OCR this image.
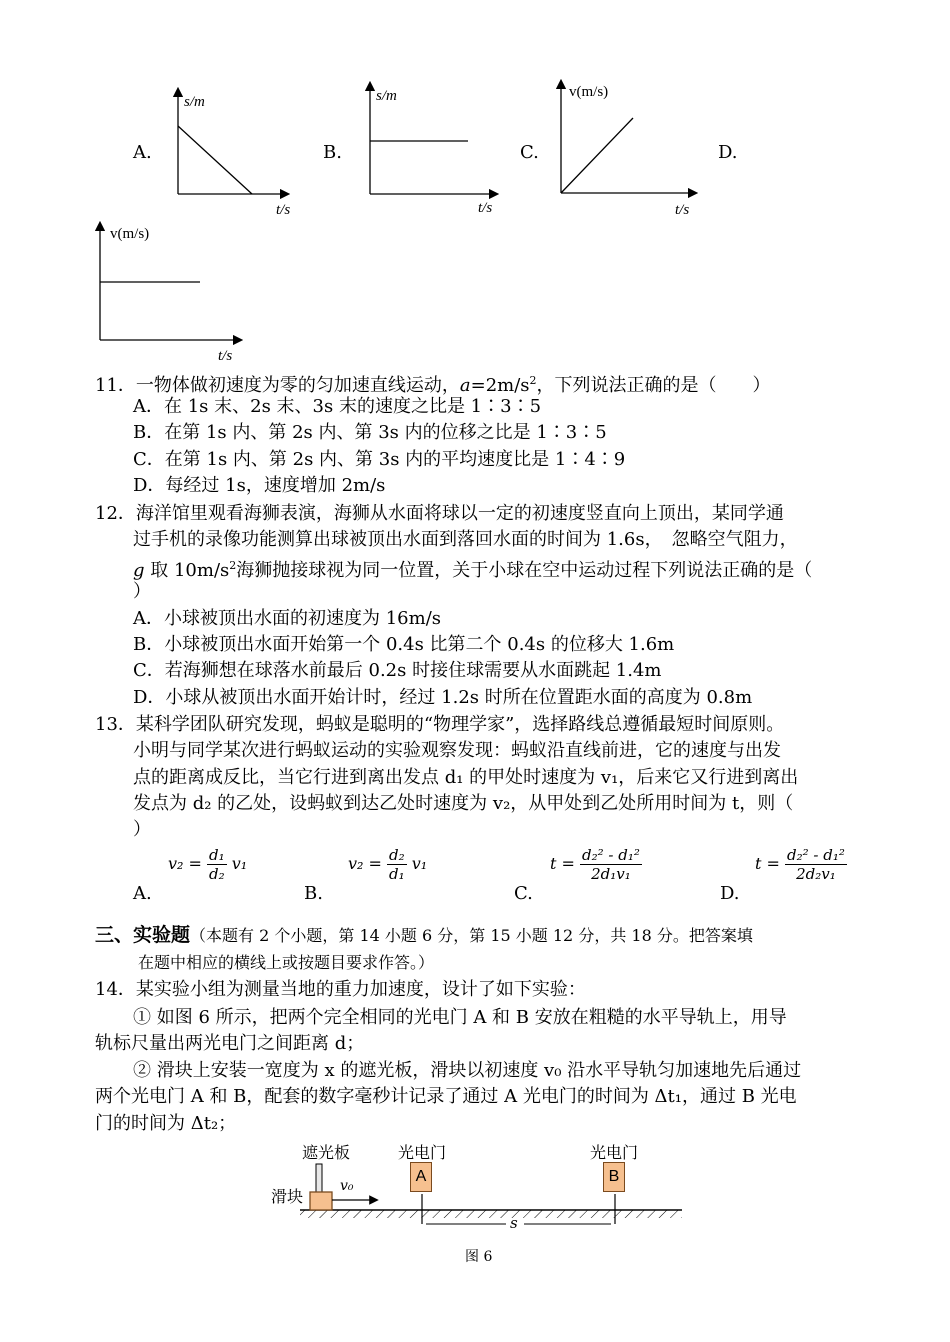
A.
s/m
t/s
B.
s/m
t/s
C.
v(m/s)
t/s
D.
v(m/s)
t/s
11．一物体做初速度为零的匀加速直线运动，$a=2m/s^2$，下列说法正确的是（　　）
A．在 1s 末、2s 末、3s 末的速度之比是 1∶3∶5
B．在第 1s 内、第 2s 内、第 3s 内的位移之比是 1∶3∶5
C．在第 1s 内、第 2s 内、第 3s 内的平均速度比是 1∶4∶9
D．每经过 1s，速度增加 2m/s
12．海洋馆里观看海狮表演，海狮从水面将球以一定的初速度竖直向上顶出，某同学通
过手机的录像功能测算出球被顶出水面到落回水面的时间为 1.6s，　忽略空气阻力，
g 取 $10m/s^2$海狮抛接球视为同一位置，关于小球在空中运动过程下列说法正确的是（
）
A．小球被顶出水面的初速度为 16m/s
B．小球被顶出水面开始第一个 0.4s 比第二个 0.4s 的位移大 1.6m
C．若海狮想在球落水前最后 0.2s 时接住球需要从水面跳起 1.4m
D．小球从被顶出水面开始计时，经过 1.2s 时所在位置距水面的高度为 0.8m
13．某科学团队研究发现，蚂蚁是聪明的“物理学家”，选择路线总遵循最短时间原则。
小明与同学某次进行蚂蚁运动的实验观察发现：蚂蚁沿直线前进，它的速度与出发
点的距离成反比，当它行进到离出发点 d₁ 的甲处时速度为 v₁，后来它又行进到离出
发点为 d₂ 的乙处，设蚂蚁到达乙处时速度为 v₂，从甲处到乙处所用时间为 t，则（
）
A.
$v_2 = \frac{\text{d₁}}{\text{d₂}} v_1$
B.
$v_2 = \frac{\text{d₂}}{\text{d₁}} v_1$
C.
$t = \frac{\text{d₂² - d₁²}}{\text{2d₁v₁}}$
D.
$t = \frac{\text{d₂² - d₁²}}{\text{2d₂v₁}}$
三、实验题（本题有 2 个小题，第 14 小题 6 分，第 15 小题 12 分，共 18 分。把答案填
在题中相应的横线上或按题目要求作答。）
14．某实验小组为测量当地的重力加速度，设计了如下实验：
① 如图 6 所示，把两个完全相同的光电门 A 和 B 安放在粗糙的水平导轨上，用导
轨标尺量出两光电门之间距离 d；
② 滑块上安装一宽度为 x 的遮光板，滑块以初速度 v₀ 沿水平导轨匀加速地先后通过
两个光电门 A 和 B，配套的数字毫秒计记录了通过 A 光电门的时间为 Δt₁，通过 B 光电
门的时间为 Δt₂；
遮光板	光电门	光电门
滑块
v₀
s
A	B
图 6
